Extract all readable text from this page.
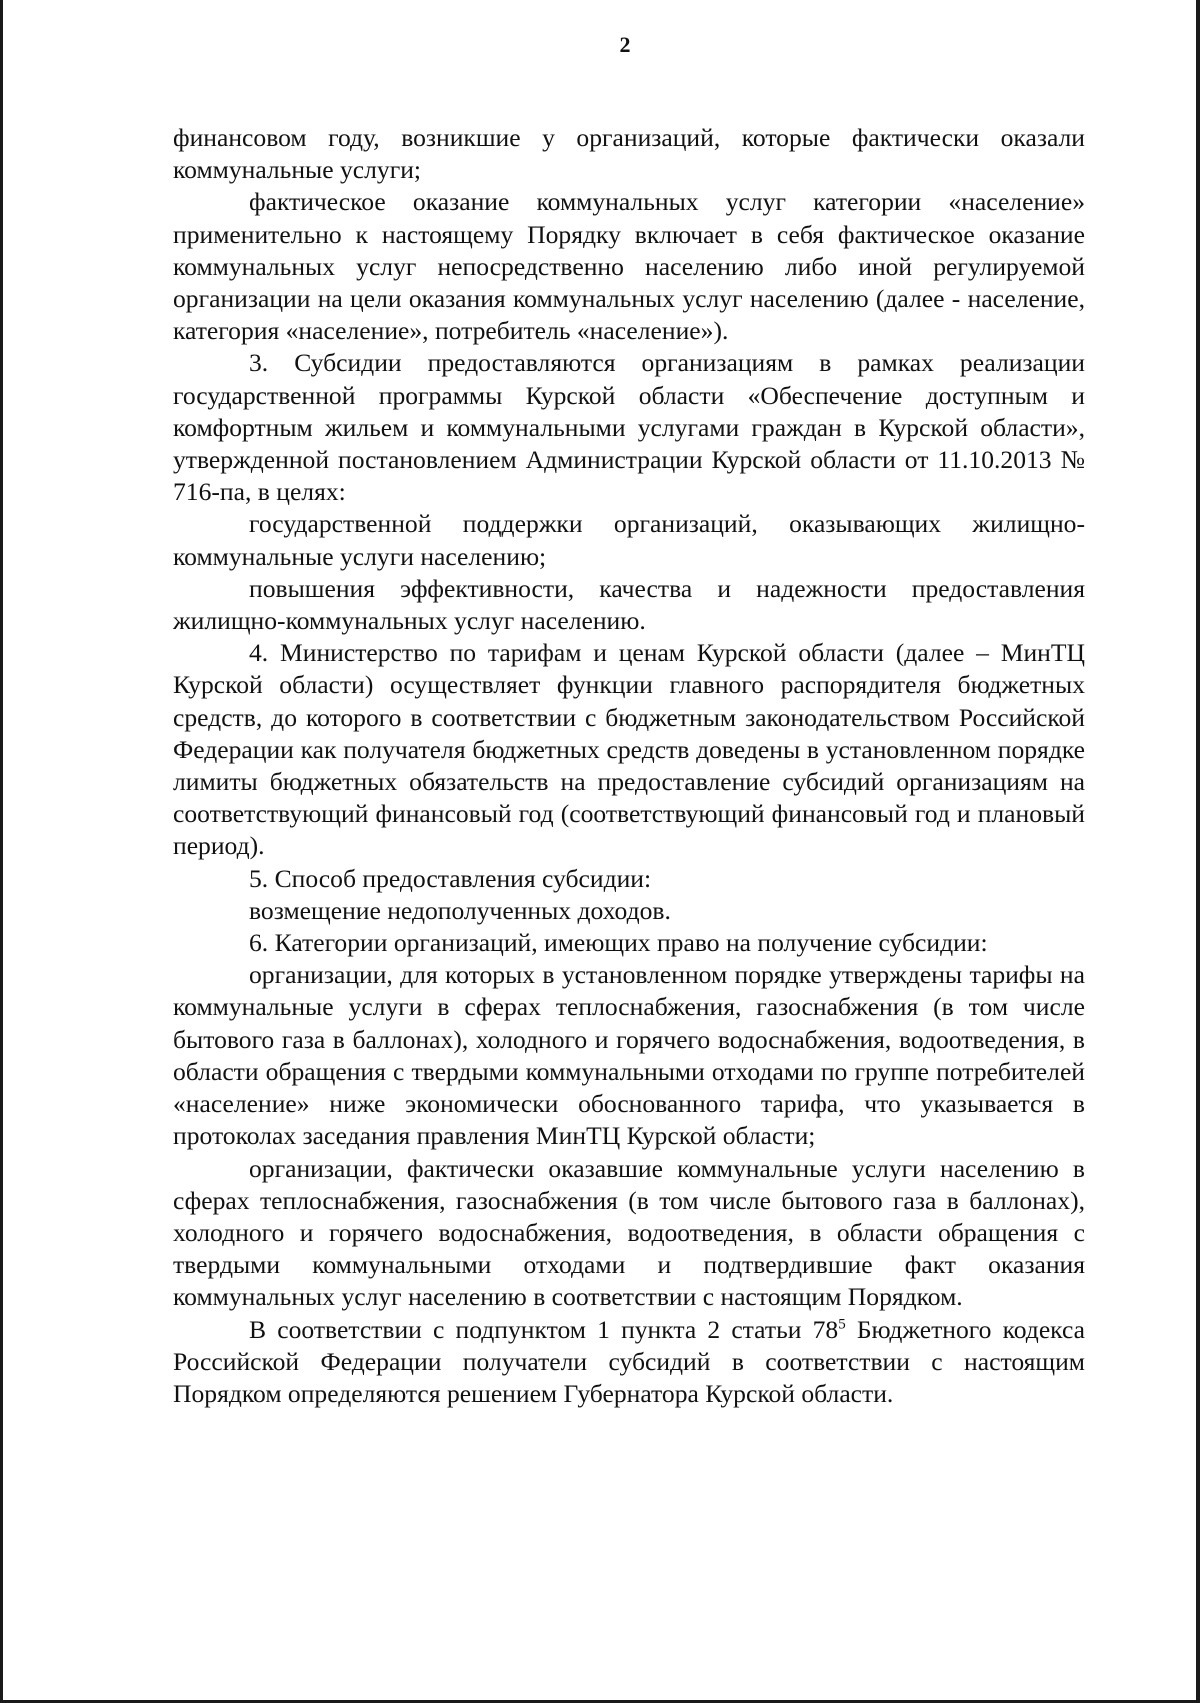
2

финансовом году, возникшие у организаций, которые фактически оказали коммунальные услуги;

фактическое оказание коммунальных услуг категории «население» применительно к настоящему Порядку включает в себя фактическое оказание коммунальных услуг непосредственно населению либо иной регулируемой организации на цели оказания коммунальных услуг населению (далее - население, категория «население», потребитель «население»).

3. Субсидии предоставляются организациям в рамках реализации государственной программы Курской области «Обеспечение доступным и комфортным жильем и коммунальными услугами граждан в Курской области», утвержденной постановлением Администрации Курской области от 11.10.2013 № 716-па, в целях:

государственной поддержки организаций, оказывающих жилищно-коммунальные услуги населению;

повышения эффективности, качества и надежности предоставления жилищно-коммунальных услуг населению.

4. Министерство по тарифам и ценам Курской области (далее – МинТЦ Курской области) осуществляет функции главного распорядителя бюджетных средств, до которого в соответствии с бюджетным законодательством Российской Федерации как получателя бюджетных средств доведены в установленном порядке лимиты бюджетных обязательств на предоставление субсидий организациям на соответствующий финансовый год (соответствующий финансовый год и плановый период).

5. Способ предоставления субсидии:

возмещение недополученных доходов.

6. Категории организаций, имеющих право на получение субсидии:

организации, для которых в установленном порядке утверждены тарифы на коммунальные услуги в сферах теплоснабжения, газоснабжения (в том числе бытового газа в баллонах), холодного и горячего водоснабжения, водоотведения, в области обращения с твердыми коммунальными отходами по группе потребителей «население» ниже экономически обоснованного тарифа, что указывается в протоколах заседания правления МинТЦ Курской области;

организации, фактически оказавшие коммунальные услуги населению в сферах теплоснабжения, газоснабжения (в том числе бытового газа в баллонах), холодного и горячего водоснабжения, водоотведения, в области обращения с твердыми коммунальными отходами и подтвердившие факт оказания коммунальных услуг населению в соответствии с настоящим Порядком.

В соответствии с подпунктом 1 пункта 2 статьи $78^5$ Бюджетного кодекса Российской Федерации получатели субсидий в соответствии с настоящим Порядком определяются решением Губернатора Курской области.
